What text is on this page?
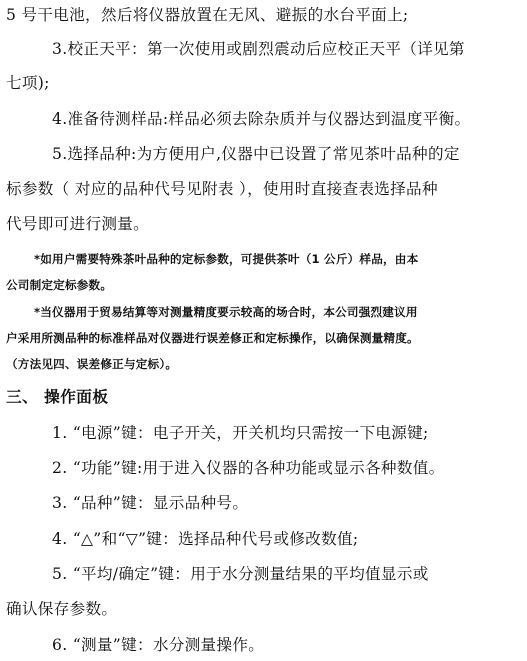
5 号干电池，然后将仪器放置在无风、避振的水台平面上;
3.校正天平：第一次使用或剧烈震动后应校正天平（详见第
七项);
4.准备待测样品:样品必须去除杂质并与仪器达到温度平衡。
5.选择品种:为方便用户,仪器中已设置了常见茶叶品种的定
标参数（ 对应的品种代号见附表 ），使用时直接查表选择品种
代号即可进行测量。
*如用户需要特殊茶叶品种的定标参数，可提供茶叶（1 公斤）样品，由本
公司制定定标参数。
*当仪器用于贸易结算等对测量精度要示较高的场合时，本公司强烈建议用
户采用所测品种的标准样品对仪器进行误差修正和定标操作，以确保测量精度。
（方法见四、误差修正与定标）。
三、 操作面板
1. “电源”键：电子开关，开关机均只需按一下电源键;
2. “功能”键:用于进入仪器的各种功能或显示各种数值。
3. “品种”键：显示品种号。
4. “△”和“▽”键：选择品种代号或修改数值;
5. “平均/确定”键：用于水分测量结果的平均值显示或
确认保存参数。
6. “测量”键：水分测量操作。
